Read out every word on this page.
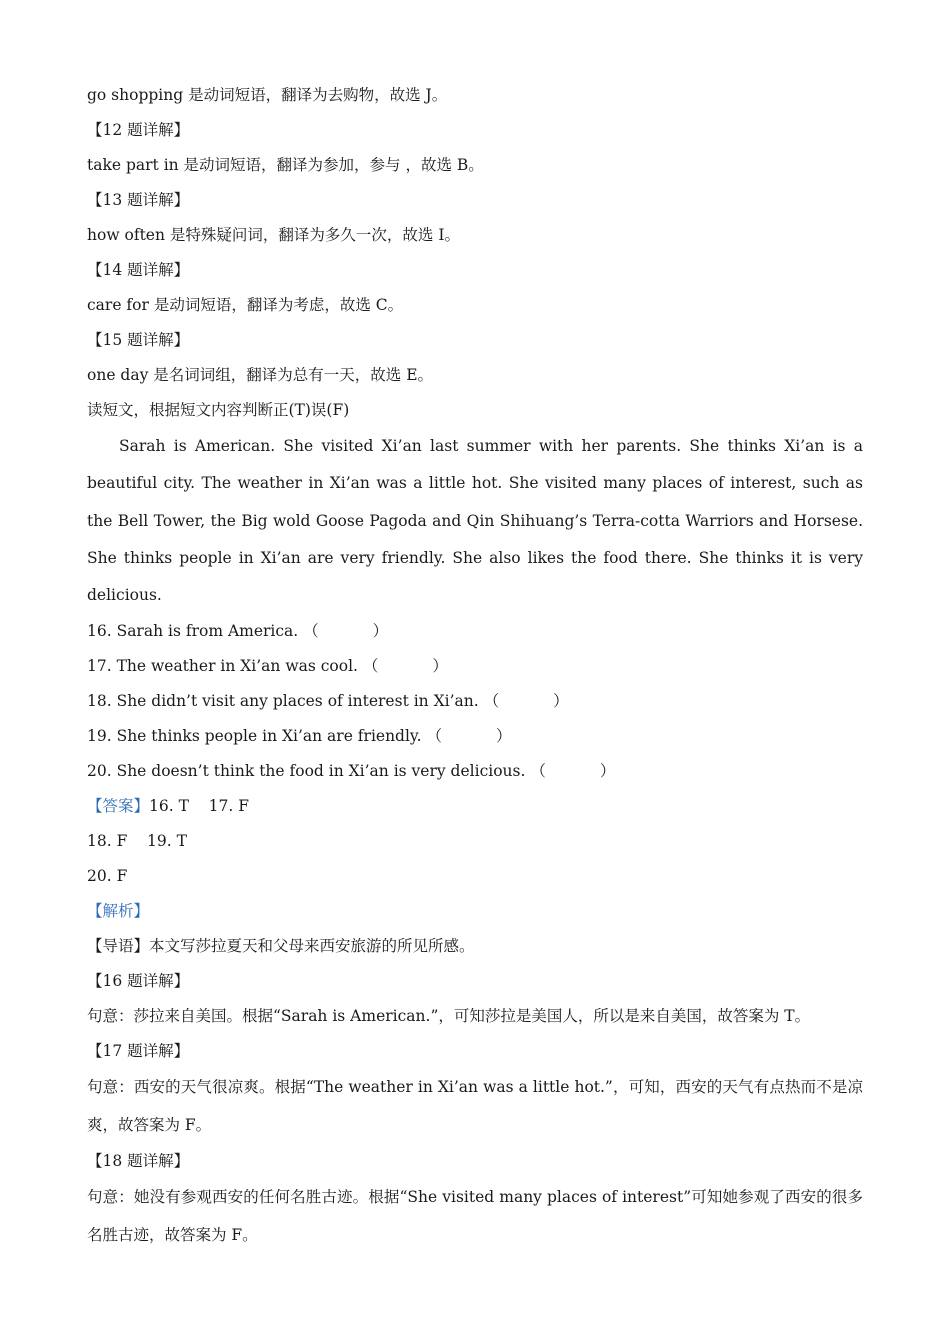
go shopping 是动词短语，翻译为去购物，故选 J。
【12 题详解】
take part in 是动词短语，翻译为参加，参与 ，故选 B。
【13 题详解】
how often 是特殊疑问词，翻译为多久一次，故选 I。
【14 题详解】
care for 是动词短语，翻译为考虑，故选 C。
【15 题详解】
one day 是名词词组，翻译为总有一天，故选 E。
读短文，根据短文内容判断正(T)误(F)

Sarah is American. She visited Xi’an last summer with her parents. She thinks Xi’an is a beautiful city. The weather in Xi’an was a little hot. She visited many places of interest, such as the Bell Tower, the Big wold Goose Pagoda and Qin Shihuang’s Terra-cotta Warriors and Horsese. She thinks people in Xi’an are very friendly. She also likes the food there. She thinks it is very delicious.

16. Sarah is from America. （	）
17. The weather in Xi’an was cool. （	）
18. She didn’t visit any places of interest in Xi’an. （	）
19. She thinks people in Xi’an are friendly. （	）
20. She doesn’t think the food in Xi’an is very delicious. （	）
【答案】16. T    17. F
18. F    19. T
20. F
【解析】
【导语】本文写莎拉夏天和父母来西安旅游的所见所感。
【16 题详解】
句意：莎拉来自美国。根据“Sarah is American.”，可知莎拉是美国人，所以是来自美国，故答案为 T。
【17 题详解】

句意：西安的天气很凉爽。根据“The weather in Xi’an was a little hot.”，可知，西安的天气有点热而不是凉爽，故答案为 F。

【18 题详解】

句意：她没有参观西安的任何名胜古迹。根据“She visited many places of interest”可知她参观了西安的很多名胜古迹，故答案为 F。
